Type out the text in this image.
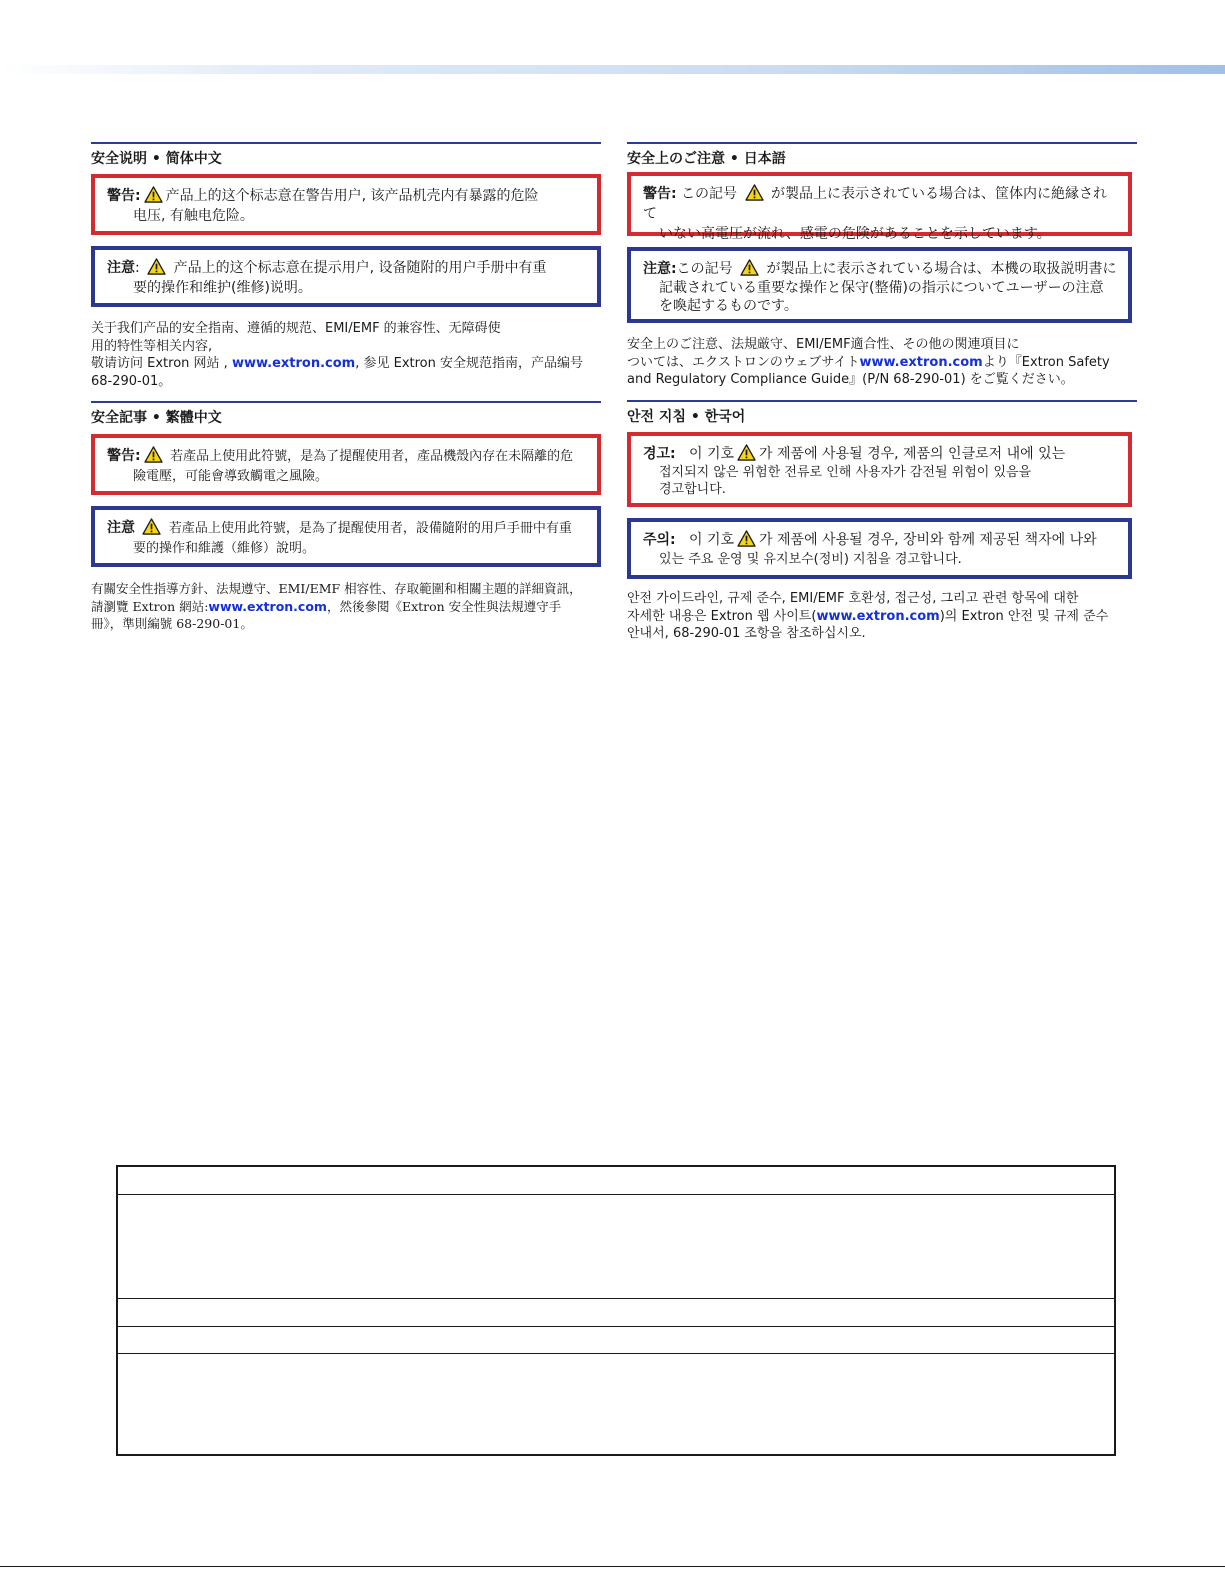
安全说明 • 简体中文
警告: 产品上的这个标志意在警告用户, 该产品机壳内有暴露的危险
电压, 有触电危险。
注意: 产品上的这个标志意在提示用户, 设备随附的用户手册中有重
要的操作和维护(维修)说明。
关于我们产品的安全指南、遵循的规范、EMI/EMF 的兼容性、无障碍使
用的特性等相关内容,
敬请访问 Extron 网站 , www.extron.com, 参见 Extron 安全规范指南，产品编号
68-290-01。
安全記事 • 繁體中文
警告: 若產品上使用此符號，是為了提醒使用者，產品機殼內存在未隔離的危
險電壓，可能會導致觸電之風險。
注意	若產品上使用此符號，是為了提醒使用者，設備隨附的用戶手冊中有重
要的操作和維護（維修）說明。
有關安全性指導方針、法規遵守、EMI/EMF 相容性、存取範圍和相關主題的詳細資訊，
請瀏覽 Extron 網站:www.extron.com，然後參閱《Extron 安全性與法規遵守手
冊》，準則編號 68-290-01。
安全上のご注意 • 日本語
警告: この記号 が製品上に表示されている場合は、筐体内に絶縁されて
いない高電圧が流れ、感電の危険があることを示しています。
注意:この記号 が製品上に表示されている場合は、本機の取扱説明書に
記載されている重要な操作と保守(整備)の指示についてユーザーの注意
を喚起するものです。
安全上のご注意、法規厳守、EMI/EMF適合性、その他の関連項目に
ついては、エクストロンのウェブサイトwww.extron.comより『Extron Safety
and Regulatory Compliance Guide』(P/N 68-290-01) をご覧ください。
안전 지침 • 한국어
경고: 이 기호 가 제품에 사용될 경우, 제품의 인클로저 내에 있는
접지되지 않은 위험한 전류로 인해 사용자가 감전될 위험이 있음을
경고합니다.
주의: 이 기호 가 제품에 사용될 경우, 장비와 함께 제공된 책자에 나와
있는 주요 운영 및 유지보수(정비) 지침을 경고합니다.
안전 가이드라인, 규제 준수, EMI/EMF 호환성, 접근성, 그리고 관련 항목에 대한
자세한 내용은 Extron 웹 사이트(www.extron.com)의 Extron 안전 및 규제 준수
안내서, 68-290-01 조항을 참조하십시오.
